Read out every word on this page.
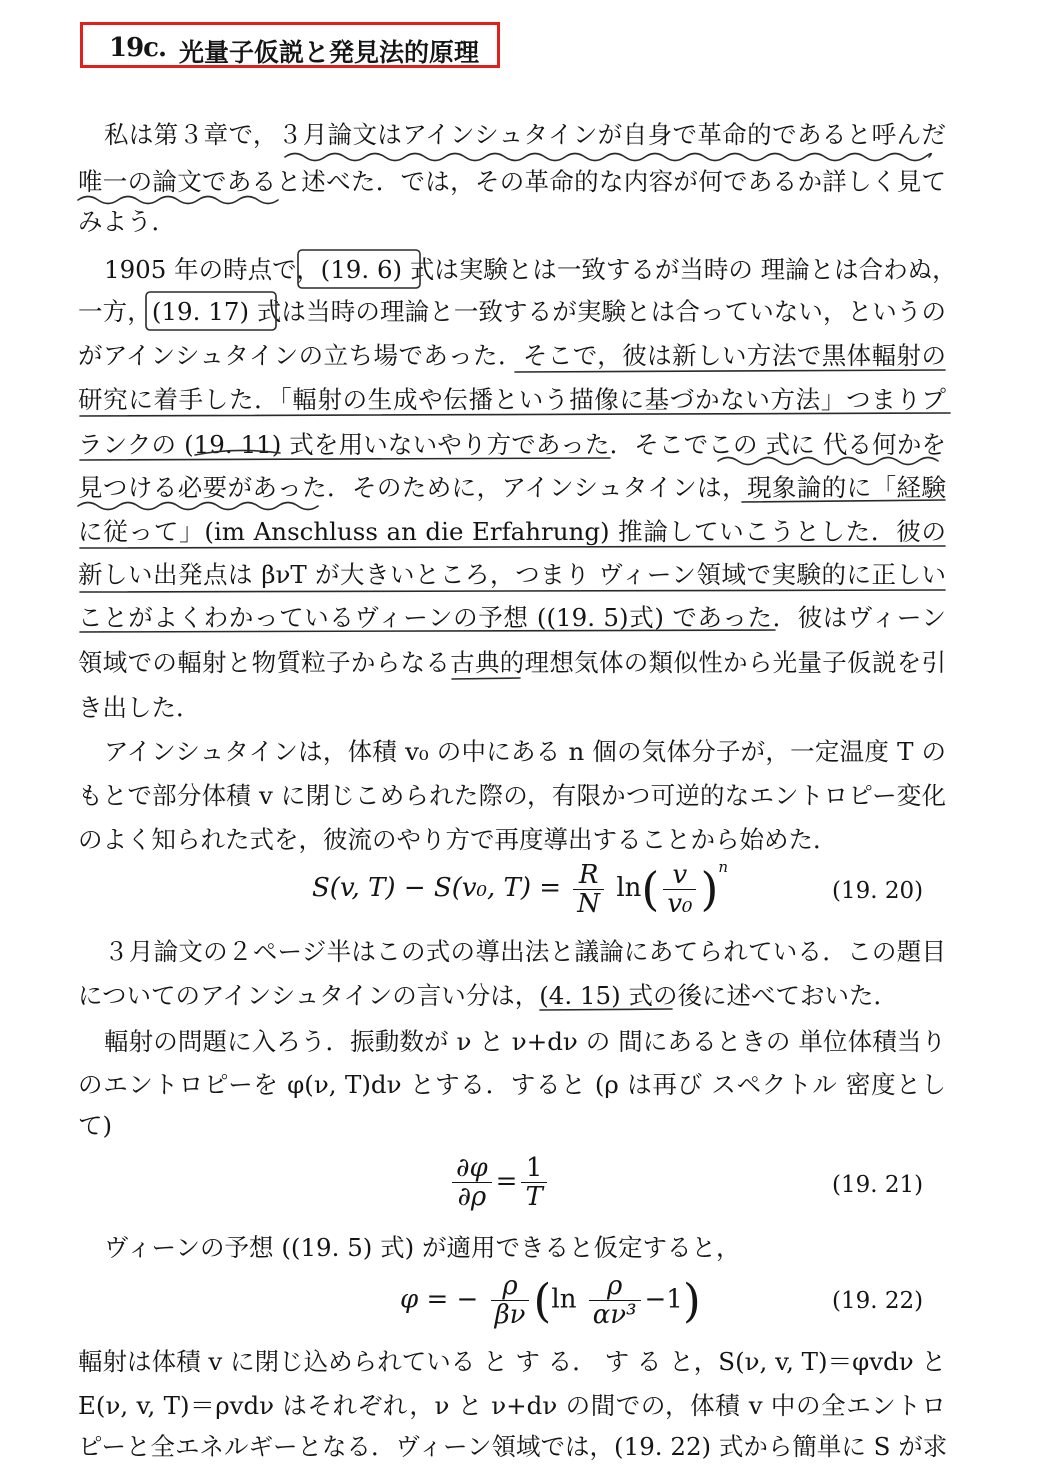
19c. 光量子仮説と発見法的原理
私は第３章で，３月論文はアインシュタインが自身で革命的であると呼んだ
唯一の論文であると述べた．では，その革命的な内容が何であるか詳しく見て
みよう．
1905 年の時点で，(19. 6) 式は実験とは一致するが当時の 理論とは合わぬ，
一方，(19. 17) 式は当時の理論と一致するが実験とは合っていない，というの
がアインシュタインの立ち場であった．そこで，彼は新しい方法で黒体輻射の
研究に着手した．「輻射の生成や伝播という描像に基づかない方法」つまりプ
ランクの (19. 11) 式を用いないやり方であった．そこでこの 式に 代る何かを
見つける必要があった．そのために，アインシュタインは，現象論的に「経験
に従って」(im Anschluss an die Erfahrung) 推論していこうとした．彼の
新しい出発点は βνT が大きいところ，つまり ヴィーン領域で実験的に正しい
ことがよくわかっているヴィーンの予想 ((19. 5)式) であった．彼はヴィーン
領域での輻射と物質粒子からなる古典的理想気体の類似性から光量子仮説を引
き出した．
アインシュタインは，体積 v₀ の中にある n 個の気体分子が，一定温度 T の
もとで部分体積 v に閉じこめられた際の，有限かつ可逆的なエントロピー変化
のよく知られた式を，彼流のやり方で再度導出することから始めた．
S(v, T) − S(v₀, $T) = \frac{R}{N} \ln( \frac{v}{\text{v₀}} )^n$
(19. 20)
３月論文の２ページ半はこの式の導出法と議論にあてられている．この題目
についてのアインシュタインの言い分は，(4. 15) 式の後に述べておいた．
輻射の問題に入ろう．振動数が ν と ν+dν の 間にあるときの 単位体積当り
のエントロピーを φ(ν, T)dν とする．すると (ρ は再び スペクトル 密度とし
て)
$\frac{\partial\varphi}{\partial\rho} = \frac{1}{T}$	(19. 21)
ヴィーンの予想 ((19. 5) 式) が適用できると仮定すると，
φ = − $\frac{\rho}{\beta\nu} (\ln \frac{\rho}{\text{αν³}} -1)$	(19. 22)
輻射は体積 v に閉じ込められている と す る． す る と，S(ν, v, T)＝φvdν と
E(ν, v, T)＝ρvdν はそれぞれ，ν と ν+dν の間での，体積 v 中の全エントロ
ピーと全エネルギーとなる．ヴィーン領域では，(19. 22) 式から簡単に S が求
